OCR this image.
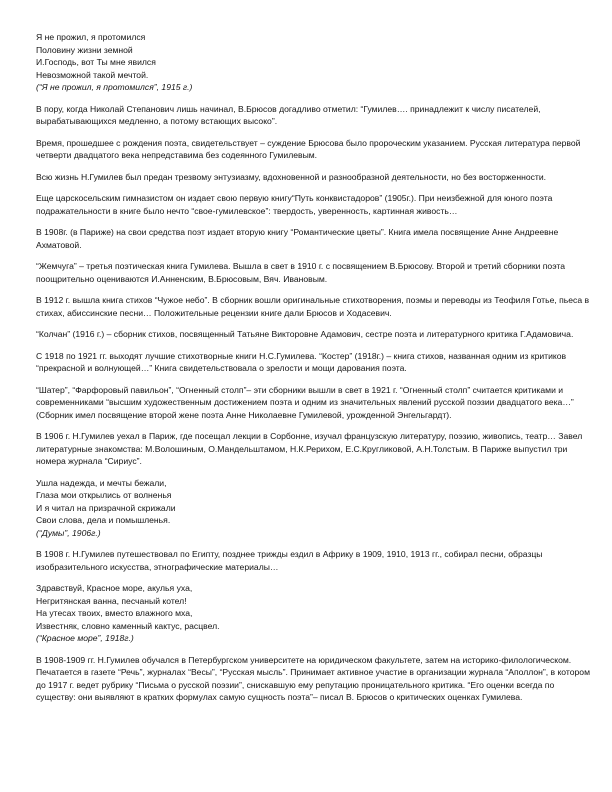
Я не прожил, я протомился
Половину жизни земной
И.Господь, вот Ты мне явился
Невозможной такой мечтой.
(“Я не прожил, я протомился”, 1915 г.)

В пору, когда Николай Степанович лишь начинал, В.Брюсов догадливо отметил: “Гумилев…. принадлежит к числу писателей, вырабатывающихся медленно, а потому встающих высоко”.

Время, прошедшее с рождения поэта, свидетельствует – суждение Брюсова было пророческим указанием. Русская литература первой четверти двадцатого века непредставима без содеянного Гумилевым.

Всю жизнь Н.Гумилев был предан трезвому энтузиазму, вдохновенной и разнообразной деятельности, но без восторженности.

Еще царскосельским гимназистом он издает свою первую книгу“Путь конквистадоров” (1905г.). При неизбежной для юного поэта подражательности в книге было нечто “свое-гумилевское”: твердость, уверенность, картинная живость…

В 1908г. (в Париже) на свои средства поэт издает вторую книгу “Романтические цветы”. Книга имела посвящение Анне Андреевне Ахматовой.

“Жемчуга” – третья поэтическая книга Гумилева. Вышла в свет в 1910 г. с посвящением В.Брюсову. Второй и третий сборники поэта поощрительно оцениваются И.Анненским, В.Брюсовым, Вяч. Ивановым.

В 1912 г. вышла книга стихов “Чужое небо”. В сборник вошли оригинальные стихотворения, поэмы и переводы из Теофиля Готье, пьеса в стихах, абиссинские песни… Положительные рецензии книге дали Брюсов и Ходасевич.

“Колчан” (1916 г.) – сборник стихов, посвященный Татьяне Викторовне Адамович, сестре поэта и литературного критика Г.Адамовича.

С 1918 по 1921 гг. выходят лучшие стихотворные книги Н.С.Гумилева. “Костер” (1918г.) – книга стихов, названная одним из критиков “прекрасной и волнующей…” Книга свидетельствовала о зрелости и мощи дарования поэта.

“Шатер”, “Фарфоровый павильон”, “Огненный столп”– эти сборники вышли в свет в 1921 г. “Огненный столп” считается критиками и современниками “высшим художественным достижением поэта и одним из значительных явлений русской поэзии двадцатого века…” (Сборник имел посвящение второй жене поэта Анне Николаевне Гумилевой, урожденной Энгельгардт).

В 1906 г. Н.Гумилев уехал в Париж, где посещал лекции в Сорбонне, изучал французскую литературу, поэзию, живопись, театр… Завел литературные знакомства: М.Волошиным, О.Мандельштамом, Н.К.Рерихом, Е.С.Кругликовой, А.Н.Толстым. В Париже выпустил три номера журнала “Сириус”.

Ушла надежда, и мечты бежали,
Глаза мои открылись от волненья
И я читал на призрачной скрижали
Свои слова, дела и помышленья.
(“Думы”, 1906г.)

В 1908 г. Н.Гумилев путешествовал по Египту, позднее трижды ездил в Африку в 1909, 1910, 1913 гг., собирал песни, образцы изобразительного искусства, этнографические материалы…

Здравствуй, Красное море, акулья уха,
Негритянская ванна, песчаный котел!
На утесах твоих, вместо влажного мха,
Известняк, словно каменный кактус, расцвел.
(“Красное море”, 1918г.)

В 1908-1909 гг. Н.Гумилев обучался в Петербургском университете на юридическом факультете, затем на историко-филологическом. Печатается в газете “Речь”, журналах “Весы”, “Русская мысль”. Принимает активное участие в организации журнала “Аполлон”, в котором до 1917 г. ведет рубрику “Письма о русской поэзии”, снискавшую ему репутацию проницательного критика. “Его оценки всегда по существу: они выявляют в кратких формулах самую сущность поэта”– писал В. Брюсов о критических оценках Гумилева.
